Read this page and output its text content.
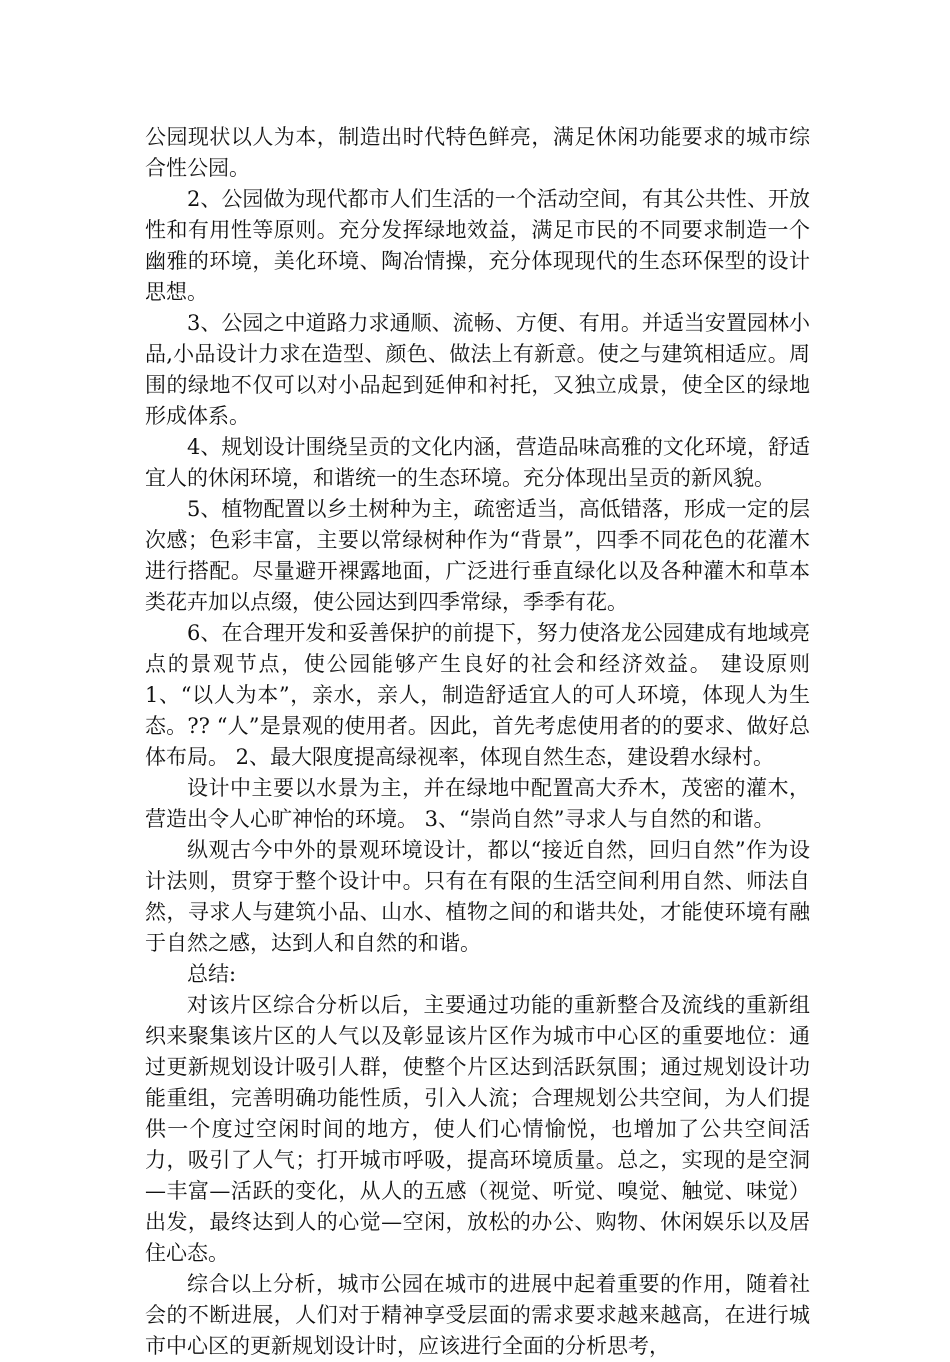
公园现状以人为本，制造出时代特色鲜亮，满足休闲功能要求的城市综合性公园。

2、公园做为现代都市人们生活的一个活动空间，有其公共性、开放性和有用性等原则。充分发挥绿地效益，满足市民的不同要求制造一个幽雅的环境，美化环境、陶冶情操，充分体现现代的生态环保型的设计思想。

3、公园之中道路力求通顺、流畅、方便、有用。并适当安置园林小品,小品设计力求在造型、颜色、做法上有新意。使之与建筑相适应。周围的绿地不仅可以对小品起到延伸和衬托，又独立成景，使全区的绿地形成体系。

4、规划设计围绕呈贡的文化内涵，营造品味高雅的文化环境，舒适宜人的休闲环境，和谐统一的生态环境。充分体现出呈贡的新风貌。

5、植物配置以乡土树种为主，疏密适当，高低错落，形成一定的层次感；色彩丰富，主要以常绿树种作为“背景”，四季不同花色的花灌木进行搭配。尽量避开裸露地面，广泛进行垂直绿化以及各种灌木和草本类花卉加以点缀，使公园达到四季常绿，季季有花。

6、在合理开发和妥善保护的前提下，努力使洛龙公园建成有地域亮点的景观节点，使公园能够产生良好的社会和经济效益。 建设原则 1、“以人为本”，亲水，亲人，制造舒适宜人的可人环境，体现人为生态。?? “人”是景观的使用者。因此，首先考虑使用者的的要求、做好总体布局。 2、最大限度提高绿视率，体现自然生态，建设碧水绿村。

设计中主要以水景为主，并在绿地中配置高大乔木，茂密的灌木，营造出令人心旷神怡的环境。 3、“崇尚自然”寻求人与自然的和谐。

纵观古今中外的景观环境设计，都以“接近自然，回归自然”作为设计法则，贯穿于整个设计中。只有在有限的生活空间利用自然、师法自然，寻求人与建筑小品、山水、植物之间的和谐共处，才能使环境有融于自然之感，达到人和自然的和谐。

总结:

对该片区综合分析以后，主要通过功能的重新整合及流线的重新组织来聚集该片区的人气以及彰显该片区作为城市中心区的重要地位：通过更新规划设计吸引人群，使整个片区达到活跃氛围；通过规划设计功能重组，完善明确功能性质，引入人流；合理规划公共空间，为人们提供一个度过空闲时间的地方，使人们心情愉悦，也增加了公共空间活力，吸引了人气；打开城市呼吸，提高环境质量。总之，实现的是空洞—丰富—活跃的变化，从人的五感（视觉、听觉、嗅觉、触觉、味觉）出发，最终达到人的心觉—空闲，放松的办公、购物、休闲娱乐以及居住心态。

综合以上分析，城市公园在城市的进展中起着重要的作用，随着社会的不断进展，人们对于精神享受层面的需求要求越来越高，在进行城市中心区的更新规划设计时，应该进行全面的分析思考，
